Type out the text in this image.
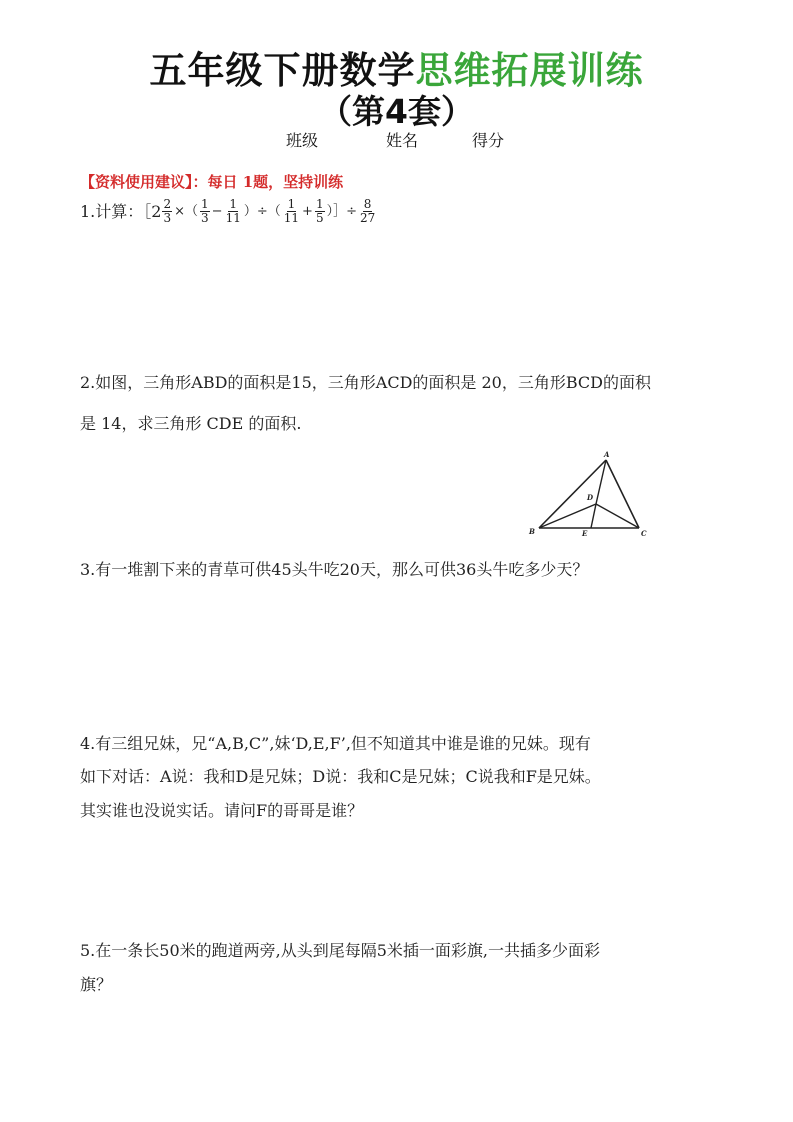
五年级下册数学思维拓展训练
（第4套）
班级	姓名	得分
【资料使用建议】：每日 1题，坚持训练
1.计算：［ $2 \frac{2}{3}$ ×（ $\frac{1}{3} - \frac{1}{11}$ ）÷（ $\frac{1}{11} + \frac{1}{5}$ ）］÷ $\frac{8}{27}$
2.如图，三角形ABD的面积是15，三角形ACD的面积是 20，三角形BCD的面积
是 14，求三角形 CDE 的面积.
A
B	C
D
E
3.有一堆割下来的青草可供45头牛吃20天，那么可供36头牛吃多少天？
4.有三组兄妹，兄“A,B,C”,妹‘D,E,F’,但不知道其中谁是谁的兄妹。现有
如下对话：A说：我和D是兄妹；D说：我和C是兄妹；C说我和F是兄妹。
其实谁也没说实话。请问F的哥哥是谁？
5.在一条长50米的跑道两旁,从头到尾每隔5米插一面彩旗,一共插多少面彩
旗？
